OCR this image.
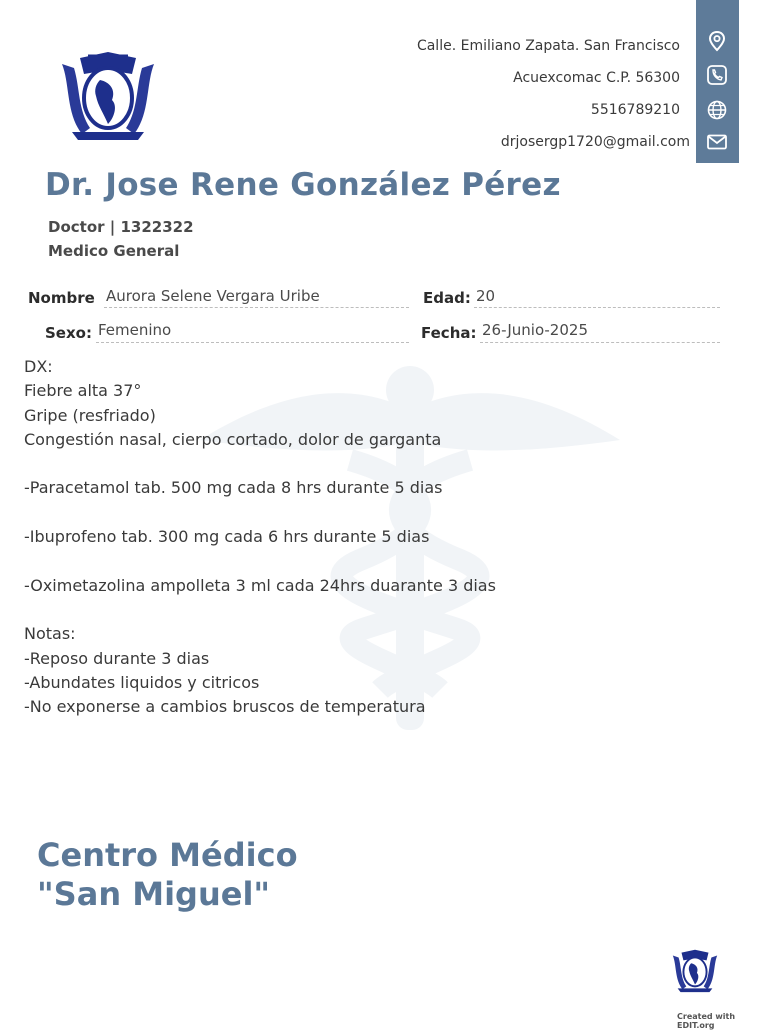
Calle. Emiliano Zapata. San Francisco
Acuexcomac C.P. 56300
5516789210
drjosergp1720@gmail.com
Dr. Jose Rene González Pérez
Doctor | 1322322
Medico General
Nombre Aurora Selene Vergara Uribe	Edad: 20
Sexo: Femenino	Fecha: 26-Junio-2025
DX:
Fiebre alta 37°
Gripe (resfriado)
Congestión nasal, cierpo cortado, dolor de garganta
-Paracetamol tab. 500 mg cada 8 hrs durante 5 dias
-Ibuprofeno tab. 300 mg cada 6 hrs durante 5 dias
-Oximetazolina ampolleta 3 ml cada 24hrs duarante 3 dias
Notas:
-Reposo durante 3 dias
-Abundates liquidos y citricos
-No exponerse a cambios bruscos de temperatura
Centro Médico
"San Miguel"
Created with EDIT.org
